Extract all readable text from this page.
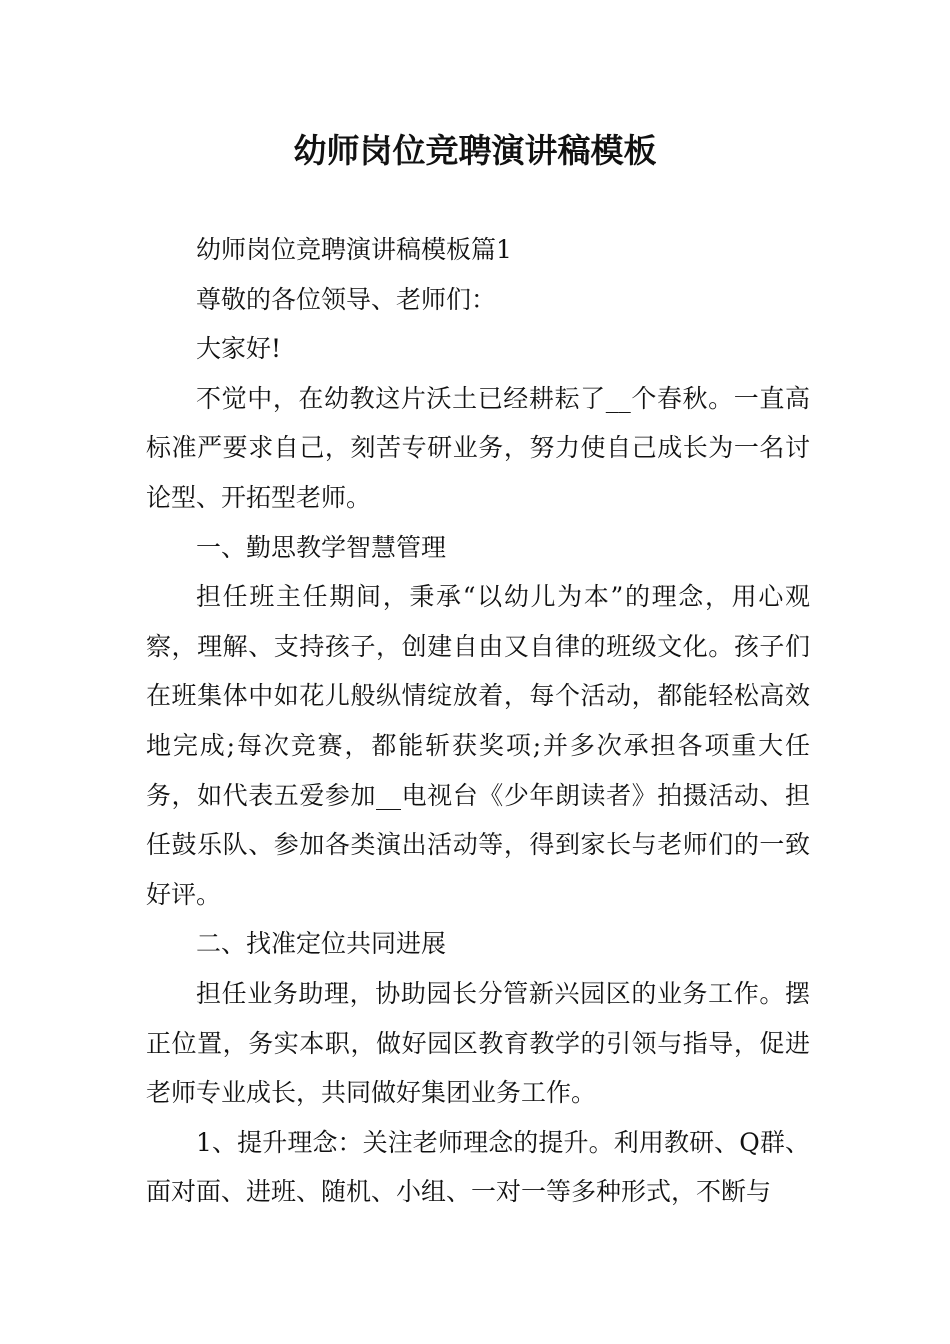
幼师岗位竞聘演讲稿模板

幼师岗位竞聘演讲稿模板篇1

尊敬的各位领导、老师们：

大家好!

不觉中，在幼教这片沃土已经耕耘了__个春秋。一直高标准严要求自己，刻苦专研业务，努力使自己成长为一名讨论型、开拓型老师。

一、勤思教学智慧管理

担任班主任期间，秉承“以幼儿为本”的理念，用心观察，理解、支持孩子，创建自由又自律的班级文化。孩子们在班集体中如花儿般纵情绽放着，每个活动，都能轻松高效地完成;每次竞赛，都能斩获奖项;并多次承担各项重大任务，如代表五爱参加__电视台《少年朗读者》拍摄活动、担任鼓乐队、参加各类演出活动等，得到家长与老师们的一致好评。

二、找准定位共同进展

担任业务助理，协助园长分管新兴园区的业务工作。摆正位置，务实本职，做好园区教育教学的引领与指导，促进老师专业成长，共同做好集团业务工作。

1、提升理念：关注老师理念的提升。利用教研、Q群、面对面、进班、随机、小组、一对一等多种形式，不断与
